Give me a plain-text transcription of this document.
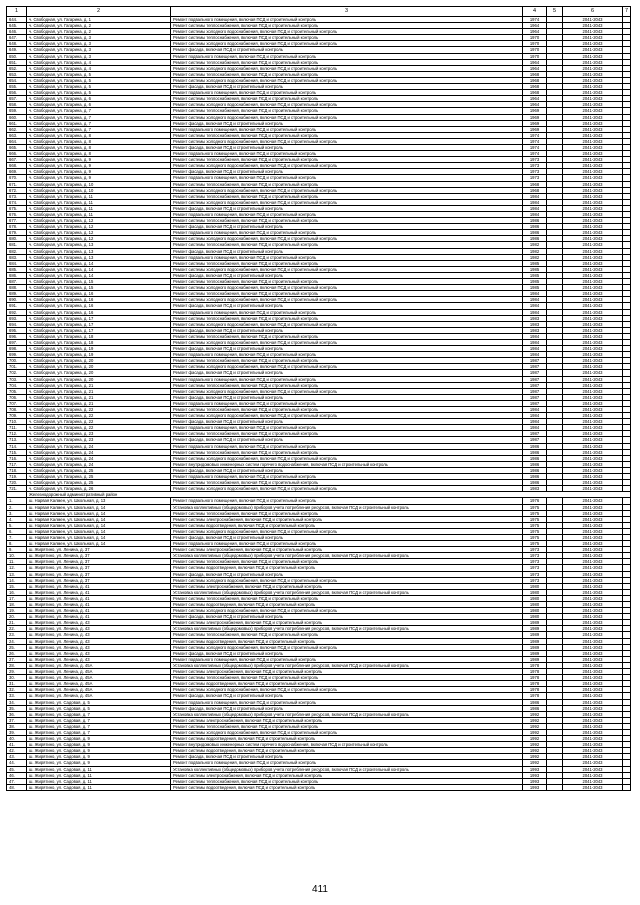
1	2	3	4	5	6	7
644.	ч. Свободная, ул. Гагарина, д. 1	Ремонт подвального помещения, включая ПСД и строительный контроль	1974		2041-2043	
645.	ч. Свободная, ул. Гагарина, д. 2	Ремонт системы теплоснабжения, включая ПСД и строительный контроль	1964		2041-2043	
646.	ч. Свободная, ул. Гагарина, д. 2	Ремонт системы холодного водоснабжения, включая ПСД и строительный контроль	1964		2041-2043	
647.	ч. Свободная, ул. Гагарина, д. 3	Ремонт системы теплоснабжения, включая ПСД и строительный контроль	1970		2041-2043	
648.	ч. Свободная, ул. Гагарина, д. 3	Ремонт системы холодного водоснабжения, включая ПСД и строительный контроль	1970		2041-2043	
649.	ч. Свободная, ул. Гагарина, д. 3	Ремонт фасада, включая ПСД и строительный контроль	1970		2041-2043	
650.	ч. Свободная, ул. Гагарина, д. 3	Ремонт подвального помещения, включая ПСД и строительный контроль	1970		2041-2043	
651.	ч. Свободная, ул. Гагарина, д. 4	Ремонт системы теплоснабжения, включая ПСД и строительный контроль	1964		2041-2043	
652.	ч. Свободная, ул. Гагарина, д. 4	Ремонт системы холодного водоснабжения, включая ПСД и строительный контроль	1964		2041-2043	
653.	ч. Свободная, ул. Гагарина, д. 5	Ремонт системы теплоснабжения, включая ПСД и строительный контроль	1968		2041-2043	
654.	ч. Свободная, ул. Гагарина, д. 5	Ремонт системы холодного водоснабжения, включая ПСД и строительный контроль	1968		2041-2043	
655.	ч. Свободная, ул. Гагарина, д. 5	Ремонт фасада, включая ПСД и строительный контроль	1968		2041-2043	
656.	ч. Свободная, ул. Гагарина, д. 5	Ремонт подвального помещения, включая ПСД и строительный контроль	1968		2041-2043	
657.	ч. Свободная, ул. Гагарина, д. 6	Ремонт системы теплоснабжения, включая ПСД и строительный контроль	1964		2041-2043	
658.	ч. Свободная, ул. Гагарина, д. 6	Ремонт системы холодного водоснабжения, включая ПСД и строительный контроль	1964		2041-2043	
659.	ч. Свободная, ул. Гагарина, д. 7	Ремонт системы теплоснабжения, включая ПСД и строительный контроль	1969		2041-2043	
660.	ч. Свободная, ул. Гагарина, д. 7	Ремонт системы холодного водоснабжения, включая ПСД и строительный контроль	1969		2041-2043	
661.	ч. Свободная, ул. Гагарина, д. 7	Ремонт фасада, включая ПСД и строительный контроль	1969		2041-2043	
662.	ч. Свободная, ул. Гагарина, д. 7	Ремонт подвального помещения, включая ПСД и строительный контроль	1969		2041-2043	
663.	ч. Свободная, ул. Гагарина, д. 8	Ремонт системы теплоснабжения, включая ПСД и строительный контроль	1974		2041-2043	
664.	ч. Свободная, ул. Гагарина, д. 8	Ремонт системы холодного водоснабжения, включая ПСД и строительный контроль	1974		2041-2043	
665.	ч. Свободная, ул. Гагарина, д. 8	Ремонт фасада, включая ПСД и строительный контроль	1974		2041-2043	
666.	ч. Свободная, ул. Гагарина, д. 8	Ремонт подвального помещения, включая ПСД и строительный контроль	1974		2041-2043	
667.	ч. Свободная, ул. Гагарина, д. 9	Ремонт системы теплоснабжения, включая ПСД и строительный контроль	1973		2041-2043	
668.	ч. Свободная, ул. Гагарина, д. 9	Ремонт системы холодного водоснабжения, включая ПСД и строительный контроль	1973		2041-2043	
669.	ч. Свободная, ул. Гагарина, д. 9	Ремонт фасада, включая ПСД и строительный контроль	1973		2041-2043	
670.	ч. Свободная, ул. Гагарина, д. 9	Ремонт подвального помещения, включая ПСД и строительный контроль	1973		2041-2043	
671.	ч. Свободная, ул. Гагарина, д. 10	Ремонт системы теплоснабжения, включая ПСД и строительный контроль	1968		2041-2043	
672.	ч. Свободная, ул. Гагарина, д. 10	Ремонт системы холодного водоснабжения, включая ПСД и строительный контроль	1968		2041-2043	
673.	ч. Свободная, ул. Гагарина, д. 11	Ремонт системы теплоснабжения, включая ПСД и строительный контроль	1984		2041-2043	
674.	ч. Свободная, ул. Гагарина, д. 11	Ремонт системы холодного водоснабжения, включая ПСД и строительный контроль	1984		2041-2043	
675.	ч. Свободная, ул. Гагарина, д. 11	Ремонт фасада, включая ПСД и строительный контроль	1984		2041-2043	
676.	ч. Свободная, ул. Гагарина, д. 11	Ремонт подвального помещения, включая ПСД и строительный контроль	1984		2041-2043	
677.	ч. Свободная, ул. Гагарина, д. 12	Ремонт системы теплоснабжения, включая ПСД и строительный контроль	1986		2041-2043	
678.	ч. Свободная, ул. Гагарина, д. 12	Ремонт фасада, включая ПСД и строительный контроль	1986		2041-2043	
679.	ч. Свободная, ул. Гагарина, д. 12	Ремонт подвального помещения, включая ПСД и строительный контроль	1986		2041-2043	
680.	ч. Свободная, ул. Гагарина, д. 12	Ремонт системы холодного водоснабжения, включая ПСД и строительный контроль	1986		2041-2043	
681.	ч. Свободная, ул. Гагарина, д. 13	Ремонт системы теплоснабжения, включая ПСД и строительный контроль	1982		2041-2043	
682.	ч. Свободная, ул. Гагарина, д. 13	Ремонт фасада, включая ПСД и строительный контроль	1982		2041-2043	
683.	ч. Свободная, ул. Гагарина, д. 13	Ремонт подвального помещения, включая ПСД и строительный контроль	1982		2041-2043	
684.	ч. Свободная, ул. Гагарина, д. 14	Ремонт системы теплоснабжения, включая ПСД и строительный контроль	1985		2041-2043	
685.	ч. Свободная, ул. Гагарина, д. 14	Ремонт системы холодного водоснабжения, включая ПСД и строительный контроль	1985		2041-2043	
686.	ч. Свободная, ул. Гагарина, д. 14	Ремонт фасада, включая ПСД и строительный контроль	1985		2041-2043	
687.	ч. Свободная, ул. Гагарина, д. 15	Ремонт системы теплоснабжения, включая ПСД и строительный контроль	1985		2041-2043	
688.	ч. Свободная, ул. Гагарина, д. 15	Ремонт системы холодного водоснабжения, включая ПСД и строительный контроль	1985		2041-2043	
689.	ч. Свободная, ул. Гагарина, д. 16	Ремонт системы теплоснабжения, включая ПСД и строительный контроль	1984		2041-2043	
690.	ч. Свободная, ул. Гагарина, д. 16	Ремонт системы холодного водоснабжения, включая ПСД и строительный контроль	1984		2041-2043	
691.	ч. Свободная, ул. Гагарина, д. 16	Ремонт фасада, включая ПСД и строительный контроль	1984		2041-2043	
692.	ч. Свободная, ул. Гагарина, д. 16	Ремонт подвального помещения, включая ПСД и строительный контроль	1984		2041-2043	
693.	ч. Свободная, ул. Гагарина, д. 17	Ремонт системы теплоснабжения, включая ПСД и строительный контроль	1983		2041-2043	
694.	ч. Свободная, ул. Гагарина, д. 17	Ремонт системы холодного водоснабжения, включая ПСД и строительный контроль	1983		2041-2043	
695.	ч. Свободная, ул. Гагарина, д. 17	Ремонт фасада, включая ПСД и строительный контроль	1983		2041-2043	
696.	ч. Свободная, ул. Гагарина, д. 18	Ремонт системы теплоснабжения, включая ПСД и строительный контроль	1984		2041-2043	
697.	ч. Свободная, ул. Гагарина, д. 18	Ремонт системы холодного водоснабжения, включая ПСД и строительный контроль	1984		2041-2043	
698.	ч. Свободная, ул. Гагарина, д. 19	Ремонт фасада, включая ПСД и строительный контроль	1984		2041-2043	
699.	ч. Свободная, ул. Гагарина, д. 19	Ремонт подвального помещения, включая ПСД и строительный контроль	1984		2041-2043	
700.	ч. Свободная, ул. Гагарина, д. 20	Ремонт системы теплоснабжения, включая ПСД и строительный контроль	1987		2041-2043	
701.	ч. Свободная, ул. Гагарина, д. 20	Ремонт системы холодного водоснабжения, включая ПСД и строительный контроль	1987		2041-2043	
702.	ч. Свободная, ул. Гагарина, д. 20	Ремонт фасада, включая ПСД и строительный контроль	1987		2041-2043	
703.	ч. Свободная, ул. Гагарина, д. 20	Ремонт подвального помещения, включая ПСД и строительный контроль	1987		2041-2043	
704.	ч. Свободная, ул. Гагарина, д. 21	Ремонт системы теплоснабжения, включая ПСД и строительный контроль	1987		2041-2043	
705.	ч. Свободная, ул. Гагарина, д. 21	Ремонт системы холодного водоснабжения, включая ПСД и строительный контроль	1987		2041-2043	
706.	ч. Свободная, ул. Гагарина, д. 21	Ремонт фасада, включая ПСД и строительный контроль	1987		2041-2043	
707.	ч. Свободная, ул. Гагарина, д. 21	Ремонт подвального помещения, включая ПСД и строительный контроль	1987		2041-2043	
708.	ч. Свободная, ул. Гагарина, д. 22	Ремонт системы теплоснабжения, включая ПСД и строительный контроль	1984		2041-2043	
709.	ч. Свободная, ул. Гагарина, д. 22	Ремонт системы холодного водоснабжения, включая ПСД и строительный контроль	1984		2041-2043	
710.	ч. Свободная, ул. Гагарина, д. 22	Ремонт фасада, включая ПСД и строительный контроль	1984		2041-2043	
711.	ч. Свободная, ул. Гагарина, д. 22	Ремонт подвального помещения, включая ПСД и строительный контроль	1984		2041-2043	
712.	ч. Свободная, ул. Гагарина, д. 23	Ремонт системы теплоснабжения, включая ПСД и строительный контроль	1987		2041-2043	
713.	ч. Свободная, ул. Гагарина, д. 23	Ремонт фасада, включая ПСД и строительный контроль	1987		2041-2043	
714.	ч. Свободная, ул. Гагарина, д. 24	Ремонт подвального помещения, включая ПСД и строительный контроль	1986		2041-2043	
715.	ч. Свободная, ул. Гагарина, д. 24	Ремонт системы теплоснабжения, включая ПСД и строительный контроль	1986		2041-2043	
716.	ч. Свободная, ул. Гагарина, д. 24	Ремонт системы холодного водоснабжения, включая ПСД и строительный контроль	1986		2041-2043	
717.	ч. Свободная, ул. Гагарина, д. 24	Ремонт внутридомовых инженерных систем горячего водоснабжения, включая ПСД и строительный контроль	1986		2041-2043	
718.	ч. Свободная, ул. Гагарина, д. 25	Ремонт фасада, включая ПСД и строительный контроль	1986		2041-2043	
719.	ч. Свободная, ул. Гагарина, д. 25	Ремонт подвального помещения, включая ПСД и строительный контроль	1986		2041-2043	
720.	ч. Свободная, ул. Гагарина, д. 25	Ремонт системы теплоснабжения, включая ПСД и строительный контроль	1986		2041-2043	
721.	ч. Свободная, ул. Гагарина, д. 26	Ремонт системы холодного водоснабжения, включая ПСД и строительный контроль	1983		2041-2043	
	Железнодорожный административный район					
1.	ш. Нарвая Калмен, ул. Школьная, д. 13	Ремонт подвального помещения, включая ПСД и строительный контроль	1976		2041-2043	
2.	ш. Нарвая Калмен, ул. Школьная, д. 14	Установка коллективных (общедомовых) приборов учета потребления ресурсов, включая ПСД и строительный контроль	1975		2041-2043	
3.	ш. Нарвая Калмен, ул. Школьная, д. 14	Ремонт системы теплоснабжения, включая ПСД и строительный контроль	1975		2041-2043	
4.	ш. Нарвая Калмен, ул. Школьная, д. 14	Ремонт системы электроснабжения, включая ПСД и строительный контроль	1975		2041-2043	
5.	ш. Нарвая Калмен, ул. Школьная, д. 14	Ремонт системы водоотведения, включая ПСД и строительный контроль	1975		2041-2043	
6.	ш. Нарвая Калмен, ул. Школьная, д. 14	Ремонт системы холодного водоснабжения, включая ПСД и строительный контроль	1975		2041-2043	
7.	ш. Нарвая Калмен, ул. Школьная, д. 14	Ремонт фасада, включая ПСД и строительный контроль	1975		2041-2043	
8.	ш. Нарвая Калмен, ул. Школьная, д. 14	Ремонт подвального помещения, включая ПСД и строительный контроль	1975		2041-2043	
9.	ш. Жирятино, ул. Ленина, д. 37	Ремонт системы электроснабжения, включая ПСД и строительный контроль	1973		2041-2043	
10.	ш. Жирятино, ул. Ленина, д. 37	Установка коллективных (общедомовых) приборов учета потребления ресурсов, включая ПСД и строительный контроль	1973		2041-2043	
11.	ш. Жирятино, ул. Ленина, д. 37	Ремонт системы теплоснабжения, включая ПСД и строительный контроль	1973		2041-2043	
12.	ш. Жирятино, ул. Ленина, д. 37	Ремонт системы водоотведения, включая ПСД и строительный контроль	1973		2041-2043	
13.	ш. Жирятино, ул. Ленина, д. 37	Ремонт фасада, включая ПСД и строительный контроль	1973		2041-2043	
14.	ш. Жирятино, ул. Ленина, д. 37	Ремонт системы холодного водоснабжения, включая ПСД и строительный контроль	1973		2041-2043	
15.	ш. Жирятино, ул. Ленина, д. 41	Ремонт системы электроснабжения, включая ПСД и строительный контроль	1980		2041-2043	
16.	ш. Жирятино, ул. Ленина, д. 41	Установка коллективных (общедомовых) приборов учета потребления ресурсов, включая ПСД и строительный контроль	1980		2041-2043	
17.	ш. Жирятино, ул. Ленина, д. 41	Ремонт системы теплоснабжения, включая ПСД и строительный контроль	1980		2041-2043	
18.	ш. Жирятино, ул. Ленина, д. 41	Ремонт системы водоотведения, включая ПСД и строительный контроль	1980		2041-2043	
19.	ш. Жирятино, ул. Ленина, д. 41	Ремонт системы холодного водоснабжения, включая ПСД и строительный контроль	1980		2041-2043	
20.	ш. Жирятино, ул. Ленина, д. 41	Ремонт фасада, включая ПСД и строительный контроль	1980		2041-2043	
21.	ш. Жирятино, ул. Ленина, д. 43	Ремонт системы электроснабжения, включая ПСД и строительный контроль	1989		2041-2043	
22.	ш. Жирятино, ул. Ленина, д. 43	Установка коллективных (общедомовых) приборов учета потребления ресурсов, включая ПСД и строительный контроль	1989		2041-2043	
23.	ш. Жирятино, ул. Ленина, д. 43	Ремонт системы теплоснабжения, включая ПСД и строительный контроль	1989		2041-2043	
24.	ш. Жирятино, ул. Ленина, д. 43	Ремонт системы водоотведения, включая ПСД и строительный контроль	1989		2041-2043	
25.	ш. Жирятино, ул. Ленина, д. 43	Ремонт системы холодного водоснабжения, включая ПСД и строительный контроль	1989		2041-2043	
26.	ш. Жирятино, ул. Ленина, д. 43	Ремонт фасада, включая ПСД и строительный контроль	1989		2041-2043	
27.	ш. Жирятино, ул. Ленина, д. 43	Ремонт подвального помещения, включая ПСД и строительный контроль	1989		2041-2043	
28.	ш. Жирятино, ул. Ленина, д. 45А	Установка коллективных (общедомовых) приборов учета потребления ресурсов, включая ПСД и строительный контроль	1978		2041-2043	
29.	ш. Жирятино, ул. Ленина, д. 45А	Ремонт системы электроснабжения, включая ПСД и строительный контроль	1978		2041-2043	
30.	ш. Жирятино, ул. Ленина, д. 45А	Ремонт системы теплоснабжения, включая ПСД и строительный контроль	1978		2041-2043	
31.	ш. Жирятино, ул. Ленина, д. 45А	Ремонт системы водоотведения, включая ПСД и строительный контроль	1978		2041-2043	
32.	ш. Жирятино, ул. Ленина, д. 45А	Ремонт системы холодного водоснабжения, включая ПСД и строительный контроль	1978		2041-2043	
33.	ш. Жирятино, ул. Ленина, д. 45А	Ремонт фасада, включая ПСД и строительный контроль	1978		2041-2043	
34.	ш. Жирятино, ул. Садовая, д. 5	Ремонт подвального помещения, включая ПСД и строительный контроль	1986		2041-2043	
35.	ш. Жирятино, ул. Садовая, д. 5	Ремонт фасада, включая ПСД и строительный контроль	1986		2041-2043	
36.	ш. Жирятино, ул. Садовая, д. 7	Установка коллективных (общедомовых) приборов учета потребления ресурсов, включая ПСД и строительный контроль	1992		2041-2043	
37.	ш. Жирятино, ул. Садовая, д. 7	Ремонт системы электроснабжения, включая ПСД и строительный контроль	1992		2041-2043	
38.	ш. Жирятино, ул. Садовая, д. 7	Ремонт системы теплоснабжения, включая ПСД и строительный контроль	1992		2041-2043	
39.	ш. Жирятино, ул. Садовая, д. 7	Ремонт системы холодного водоснабжения, включая ПСД и строительный контроль	1992		2041-2043	
40.	ш. Жирятино, ул. Садовая, д. 9	Ремонт системы водоотведения, включая ПСД и строительный контроль	1992		2041-2043	
41.	ш. Жирятино, ул. Садовая, д. 9	Ремонт внутридомовых инженерных систем горячего водоснабжения, включая ПСД и строительный контроль	1992		2041-2043	
42.	ш. Жирятино, ул. Садовая, д. 9	Ремонт системы водоотведения, включая ПСД и строительный контроль	1992		2041-2043	
43.	ш. Жирятино, ул. Садовая, д. 9	Ремонт фасада, включая ПСД и строительный контроль	1992		2041-2043	
44.	ш. Жирятино, ул. Садовая, д. 9	Ремонт подвального помещения, включая ПСД и строительный контроль	1992		2041-2043	
45.	ш. Жирятино, ул. Садовая, д. 11	Установка коллективных (общедомовых) приборов учета потребления ресурсов, включая ПСД и строительный контроль	1993		2041-2043	
46.	ш. Жирятино, ул. Садовая, д. 11	Ремонт системы электроснабжения, включая ПСД и строительный контроль	1993		2041-2043	
47.	ш. Жирятино, ул. Садовая, д. 11	Ремонт системы теплоснабжения, включая ПСД и строительный контроль	1993		2041-2043	
48.	ш. Жирятино, ул. Садовая, д. 11	Ремонт системы водоотведения, включая ПСД и строительный контроль	1993		2041-2043	
411
